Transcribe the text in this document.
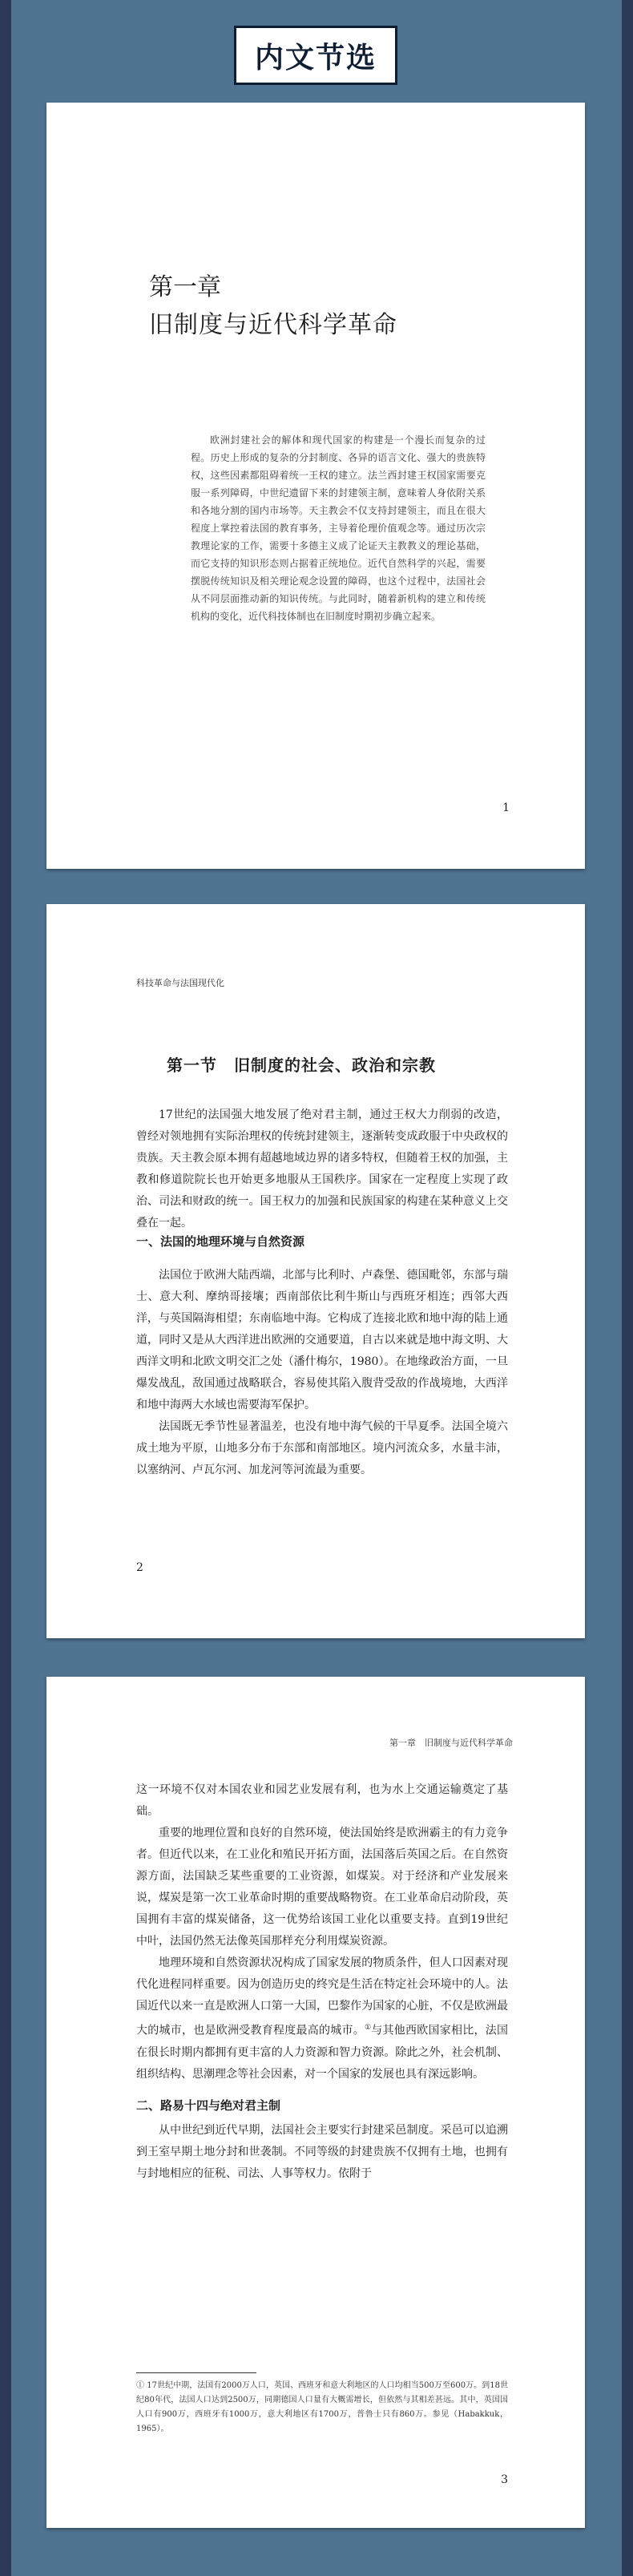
内文节选
第一章
旧制度与近代科学革命

欧洲封建社会的解体和现代国家的构建是一个漫长而复杂的过程。历史上形成的复杂的分封制度、各异的语言文化、强大的贵族特权，这些因素都阻碍着统一王权的建立。法兰西封建王权国家需要克服一系列障碍，中世纪遗留下来的封建领主制，意味着人身依附关系和各地分割的国内市场等。天主教会不仅支持封建领主，而且在很大程度上掌控着法国的教育事务，主导着伦理价值观念等。通过历次宗教理论家的工作，需要十多德主义成了论证天主教教义的理论基础，而它支持的知识形态则占据着正统地位。近代自然科学的兴起，需要摆脱传统知识及相关理论观念设置的障碍，也这个过程中，法国社会从不同层面推动新的知识传统。与此同时，随着新机构的建立和传统机构的变化，近代科技体制也在旧制度时期初步确立起来。

1
科技革命与法国现代化
第一节　旧制度的社会、政治和宗教

17世纪的法国强大地发展了绝对君主制，通过王权大力削弱的改造，曾经对领地拥有实际治理权的传统封建领主，逐渐转变成政服于中央政权的贵族。天主教会原本拥有超越地域边界的诸多特权，但随着王权的加强，主教和修道院院长也开始更多地服从王国秩序。国家在一定程度上实现了政治、司法和财政的统一。国王权力的加强和民族国家的构建在某种意义上交叠在一起。

一、法国的地理环境与自然资源

法国位于欧洲大陆西端，北部与比利时、卢森堡、德国毗邻，东部与瑞士、意大利、摩纳哥接壤；西南部依比利牛斯山与西班牙相连；西邻大西洋，与英国隔海相望；东南临地中海。它构成了连接北欧和地中海的陆上通道，同时又是从大西洋进出欧洲的交通要道，自古以来就是地中海文明、大西洋文明和北欧文明交汇之处（潘什梅尔，1980）。在地缘政治方面，一旦爆发战乱，敌国通过战略联合，容易使其陷入腹背受敌的作战境地，大西洋和地中海两大水域也需要海军保护。

法国既无季节性显著温差，也没有地中海气候的干旱夏季。法国全境六成土地为平原，山地多分布于东部和南部地区。境内河流众多，水量丰沛，以塞纳河、卢瓦尔河、加龙河等河流最为重要。

2
第一章　旧制度与近代科学革命

这一环境不仅对本国农业和园艺业发展有利，也为水上交通运输奠定了基础。

重要的地理位置和良好的自然环境，使法国始终是欧洲霸主的有力竞争者。但近代以来，在工业化和殖民开拓方面，法国落后英国之后。在自然资源方面，法国缺乏某些重要的工业资源，如煤炭。对于经济和产业发展来说，煤炭是第一次工业革命时期的重要战略物资。在工业革命启动阶段，英国拥有丰富的煤炭储备，这一优势给该国工业化以重要支持。直到19世纪中叶，法国仍然无法像英国那样充分利用煤炭资源。

地理环境和自然资源状况构成了国家发展的物质条件，但人口因素对现代化进程同样重要。因为创造历史的终究是生活在特定社会环境中的人。法国近代以来一直是欧洲人口第一大国，巴黎作为国家的心脏，不仅是欧洲最大的城市，也是欧洲受教育程度最高的城市。①与其他西欧国家相比，法国在很长时期内都拥有更丰富的人力资源和智力资源。除此之外，社会机制、组织结构、思潮理念等社会因素，对一个国家的发展也具有深远影响。

二、路易十四与绝对君主制

从中世纪到近代早期，法国社会主要实行封建采邑制度。采邑可以追溯到王室早期土地分封和世袭制。不同等级的封建贵族不仅拥有土地，也拥有与封地相应的征税、司法、人事等权力。依附于

① 17世纪中期，法国有2000万人口，英国、西班牙和意大利地区的人口均相当500万至600万。到18世纪80年代，法国人口达到2500万，同期德国人口量有大概需增长，但依然与其相差甚远。其中，英国国人口有900万，西班牙有1000万，意大利地区有1700万，普鲁士只有860万。参见（Habakkuk，1965）。

3
